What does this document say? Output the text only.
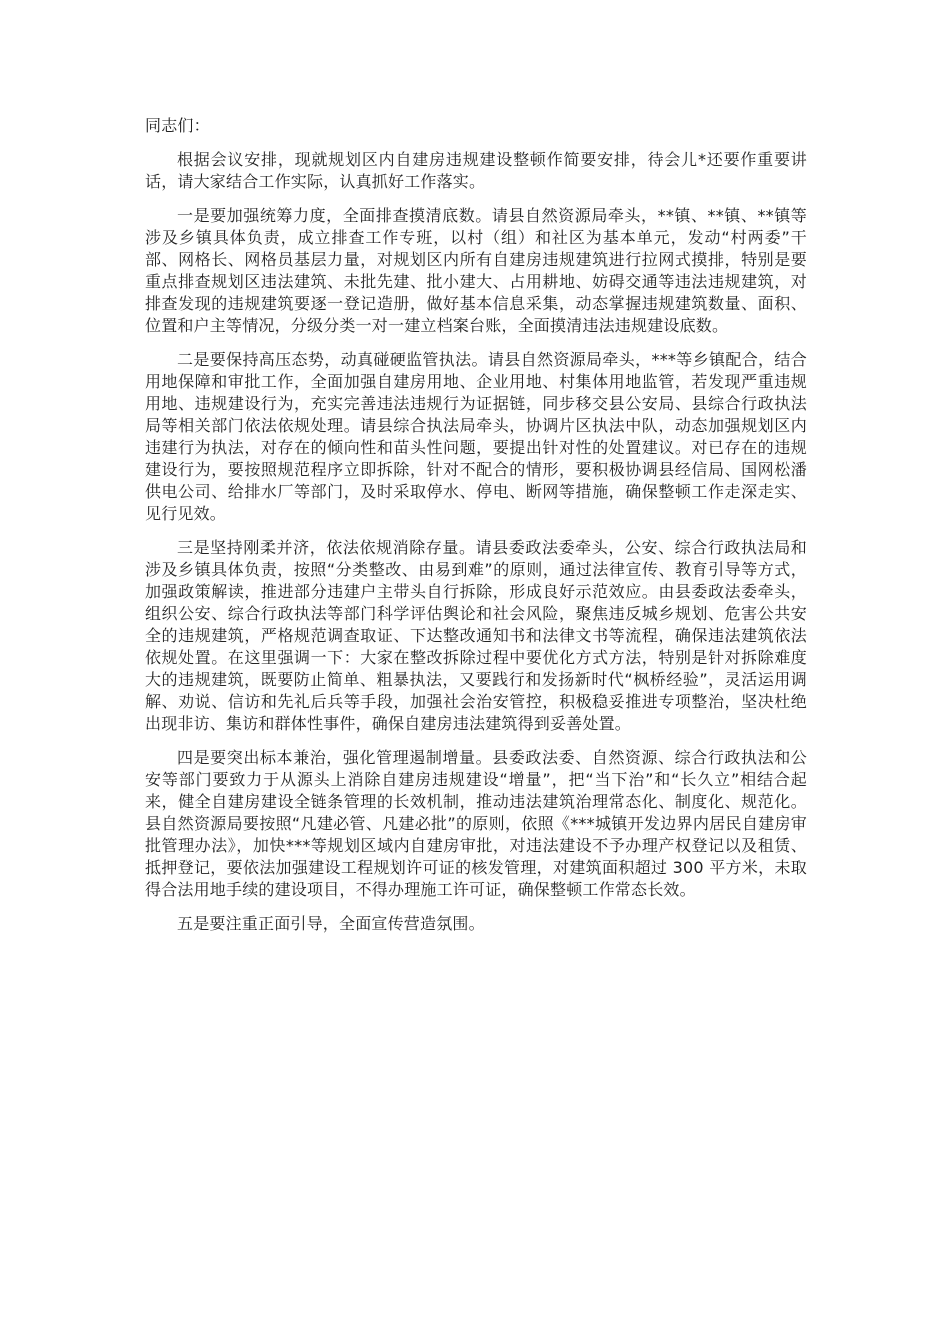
同志们：

根据会议安排，现就规划区内自建房违规建设整顿作简要安排，待会儿*还要作重要讲话，请大家结合工作实际，认真抓好工作落实。

一是要加强统筹力度，全面排查摸清底数。请县自然资源局牵头，**镇、**镇、**镇等涉及乡镇具体负责，成立排查工作专班，以村（组）和社区为基本单元，发动“村两委”干部、网格长、网格员基层力量，对规划区内所有自建房违规建筑进行拉网式摸排，特别是要重点排查规划区违法建筑、未批先建、批小建大、占用耕地、妨碍交通等违法违规建筑，对排查发现的违规建筑要逐一登记造册，做好基本信息采集，动态掌握违规建筑数量、面积、位置和户主等情况，分级分类一对一建立档案台账，全面摸清违法违规建设底数。

二是要保持高压态势，动真碰硬监管执法。请县自然资源局牵头，***等乡镇配合，结合用地保障和审批工作，全面加强自建房用地、企业用地、村集体用地监管，若发现严重违规用地、违规建设行为，充实完善违法违规行为证据链，同步移交县公安局、县综合行政执法局等相关部门依法依规处理。请县综合执法局牵头，协调片区执法中队，动态加强规划区内违建行为执法，对存在的倾向性和苗头性问题，要提出针对性的处置建议。对已存在的违规建设行为，要按照规范程序立即拆除，针对不配合的情形，要积极协调县经信局、国网松潘供电公司、给排水厂等部门，及时采取停水、停电、断网等措施，确保整顿工作走深走实、见行见效。

三是坚持刚柔并济，依法依规消除存量。请县委政法委牵头，公安、综合行政执法局和涉及乡镇具体负责，按照“分类整改、由易到难”的原则，通过法律宣传、教育引导等方式，加强政策解读，推进部分违建户主带头自行拆除，形成良好示范效应。由县委政法委牵头，组织公安、综合行政执法等部门科学评估舆论和社会风险，聚焦违反城乡规划、危害公共安全的违规建筑，严格规范调查取证、下达整改通知书和法律文书等流程，确保违法建筑依法依规处置。在这里强调一下：大家在整改拆除过程中要优化方式方法，特别是针对拆除难度大的违规建筑，既要防止简单、粗暴执法，又要践行和发扬新时代“枫桥经验”，灵活运用调解、劝说、信访和先礼后兵等手段，加强社会治安管控，积极稳妥推进专项整治，坚决杜绝出现非访、集访和群体性事件，确保自建房违法建筑得到妥善处置。

四是要突出标本兼治，强化管理遏制增量。县委政法委、自然资源、综合行政执法和公安等部门要致力于从源头上消除自建房违规建设“增量”，把“当下治”和“长久立”相结合起来，健全自建房建设全链条管理的长效机制，推动违法建筑治理常态化、制度化、规范化。县自然资源局要按照“凡建必管、凡建必批”的原则，依照《***城镇开发边界内居民自建房审批管理办法》，加快***等规划区域内自建房审批，对违法建设不予办理产权登记以及租赁、抵押登记，要依法加强建设工程规划许可证的核发管理，对建筑面积超过 300 平方米，未取得合法用地手续的建设项目，不得办理施工许可证，确保整顿工作常态长效。

五是要注重正面引导，全面宣传营造氛围。
